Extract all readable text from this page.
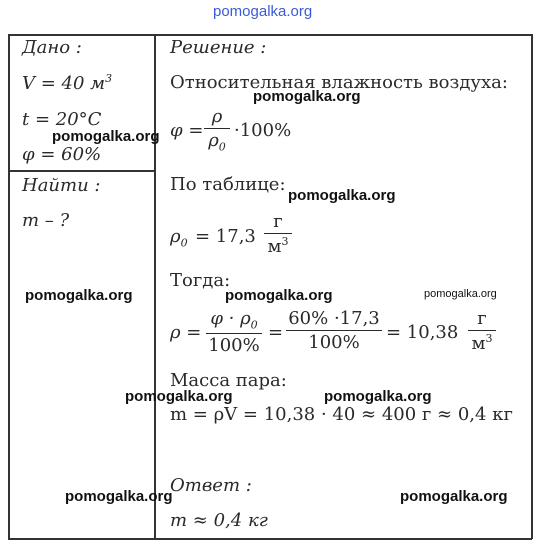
pomogalka.org
Дано :
V = 40 $м^3$
t = 20°C
φ = 60%
Найти :
m – ?
Решение :
Относительная влажность воздуха:
φ =
ρ
$\rho_0$
·100%
По таблице:
$\rho_0 = 17,3$
г
$м^3$
Тогда:
ρ =
$\varphi \cdot \rho_0$
100%
=
60% ·17,3
100%	= 10,38
г
$м^3$
Масса пара:
m = ρV = 10,38 · 40 ≈ 400 г ≈ 0,4 кг
Ответ :
m ≈ 0,4 кг
pomogalka.org
pomogalka.org
pomogalka.org
pomogalka.org	pomogalka.org	pomogalka.org
pomogalka.org	pomogalka.org
pomogalka.org	pomogalka.org
